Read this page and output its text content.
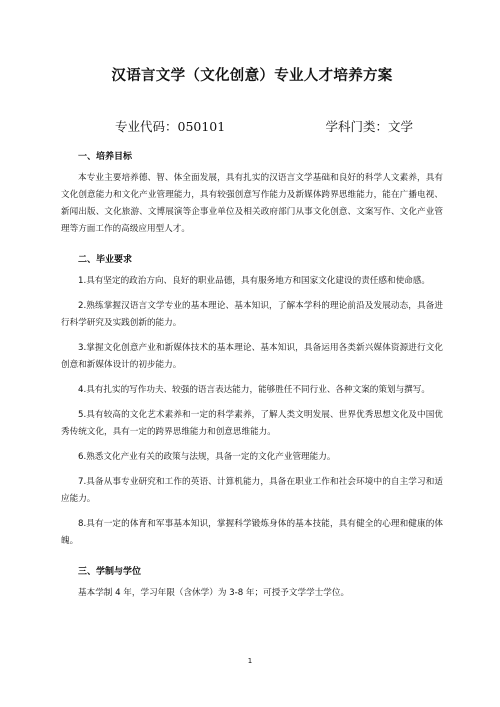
汉语言文学（文化创意）专业人才培养方案
专业代码：050101	学科门类：文学
一、培养目标

本专业主要培养德、智、体全面发展，具有扎实的汉语言文学基础和良好的科学人文素养，具有文化创意能力和文化产业管理能力，具有较强创意写作能力及新媒体跨界思维能力，能在广播电视、新闻出版、文化旅游、文博展演等企事业单位及相关政府部门从事文化创意、文案写作、文化产业管理等方面工作的高级应用型人才。

二、毕业要求
1.具有坚定的政治方向、良好的职业品德，具有服务地方和国家文化建设的责任感和使命感。
2.熟练掌握汉语言文学专业的基本理论、基本知识，了解本学科的理论前沿及发展动态，具备进行科学研究及实践创新的能力。
3.掌握文化创意产业和新媒体技术的基本理论、基本知识，具备运用各类新兴媒体资源进行文化创意和新媒体设计的初步能力。
4.具有扎实的写作功夫、较强的语言表达能力，能够胜任不同行业、各种文案的策划与撰写。
5.具有较高的文化艺术素养和一定的科学素养，了解人类文明发展、世界优秀思想文化及中国优秀传统文化，具有一定的跨界思维能力和创意思维能力。
6.熟悉文化产业有关的政策与法规，具备一定的文化产业管理能力。
7.具备从事专业研究和工作的英语、计算机能力，具备在职业工作和社会环境中的自主学习和适应能力。
8.具有一定的体育和军事基本知识，掌握科学锻炼身体的基本技能，具有健全的心理和健康的体魄。
三、学制与学位

基本学制 4 年，学习年限（含休学）为 3-8 年；可授予文学学士学位。

1
